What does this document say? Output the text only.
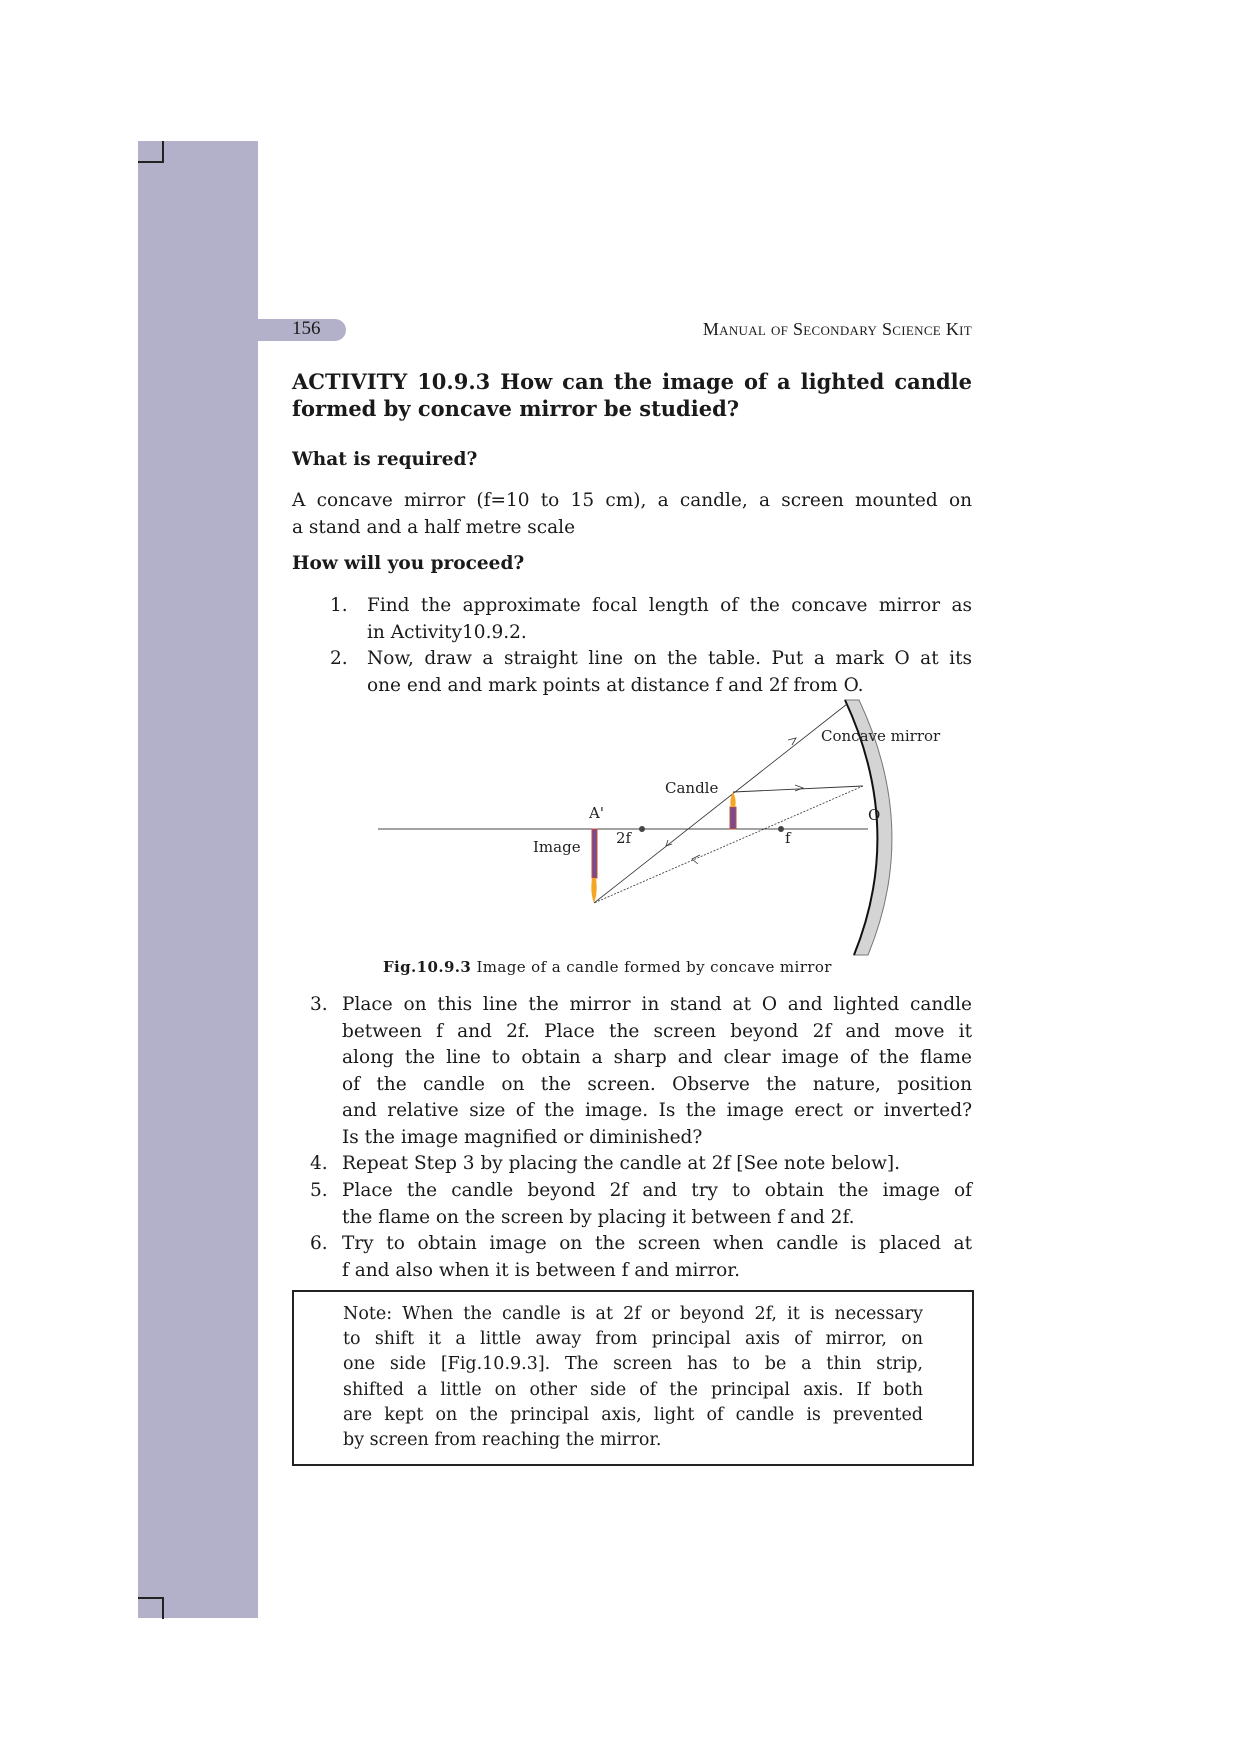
156	Manual of Secondary Science Kit
ACTIVITY 10.9.3 How can the image of a lighted candle
formed by concave mirror be studied?
What is required?
A concave mirror (f=10 to 15 cm), a candle, a screen mounted on
a stand and a half metre scale
How will you proceed?
1. Find the approximate focal length of the concave mirror as
in Activity10.9.2.
2. Now, draw a straight line on the table. Put a mark O at its
one end and mark points at distance f and 2f from O.
Concave mirror
Candle
A'
Image 2f	f
O
Fig.10.9.3 Image of a candle formed by concave mirror
3. Place on this line the mirror in stand at O and lighted candle
between f and 2f. Place the screen beyond 2f and move it
along the line to obtain a sharp and clear image of the flame
of the candle on the screen. Observe the nature, position
and relative size of the image. Is the image erect or inverted?
Is the image magnified or diminished?
4. Repeat Step 3 by placing the candle at 2f [See note below].
5. Place the candle beyond 2f and try to obtain the image of
the flame on the screen by placing it between f and 2f.
6. Try to obtain image on the screen when candle is placed at
f and also when it is between f and mirror.
Note: When the candle is at 2f or beyond 2f, it is necessary
to shift it a little away from principal axis of mirror, on
one side [Fig.10.9.3]. The screen has to be a thin strip,
shifted a little on other side of the principal axis. If both
are kept on the principal axis, light of candle is prevented
by screen from reaching the mirror.
